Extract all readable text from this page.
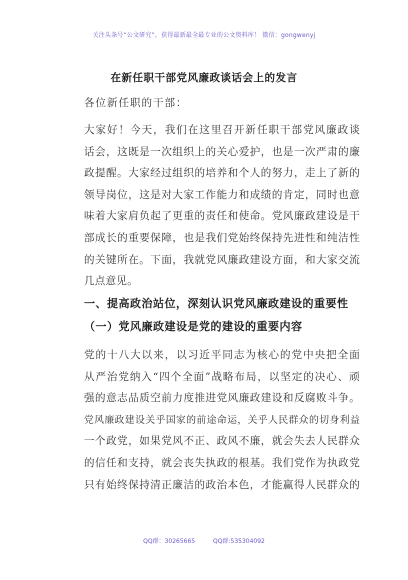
关注头条号“公文研究”，获得最新最全最专业的公文资料库！ 微信：gongwenyj
在新任职干部党风廉政谈话会上的发言
各位新任职的干部：
大家好！今天，我们在这里召开新任职干部党风廉政谈
话会，这既是一次组织上的关心爱护，也是一次严肃的廉
政提醒。大家经过组织的培养和个人的努力，走上了新的
领导岗位，这是对大家工作能力和成绩的肯定，同时也意
味着大家肩负起了更重的责任和使命。党风廉政建设是干
部成长的重要保障，也是我们党始终保持先进性和纯洁性
的关键所在。下面，我就党风廉政建设方面，和大家交流
几点意见。
一、提高政治站位，深刻认识党风廉政建设的重要性
（一）党风廉政建设是党的建设的重要内容
党的十八大以来，以习近平同志为核心的党中央把全面
从严治党纳入“四个全面”战略布局，以坚定的决心、顽
强的意志品质空前力度推进党风廉政建设和反腐败斗争。
党风廉政建设关乎国家的前途命运，关乎人民群众的切身利益
一个政党，如果党风不正、政风不廉，就会失去人民群众
的信任和支持，就会丧失执政的根基。我们党作为执政党
只有始终保持清正廉洁的政治本色，才能赢得人民群众的
QQ群：30265665	QQ群:535304092
